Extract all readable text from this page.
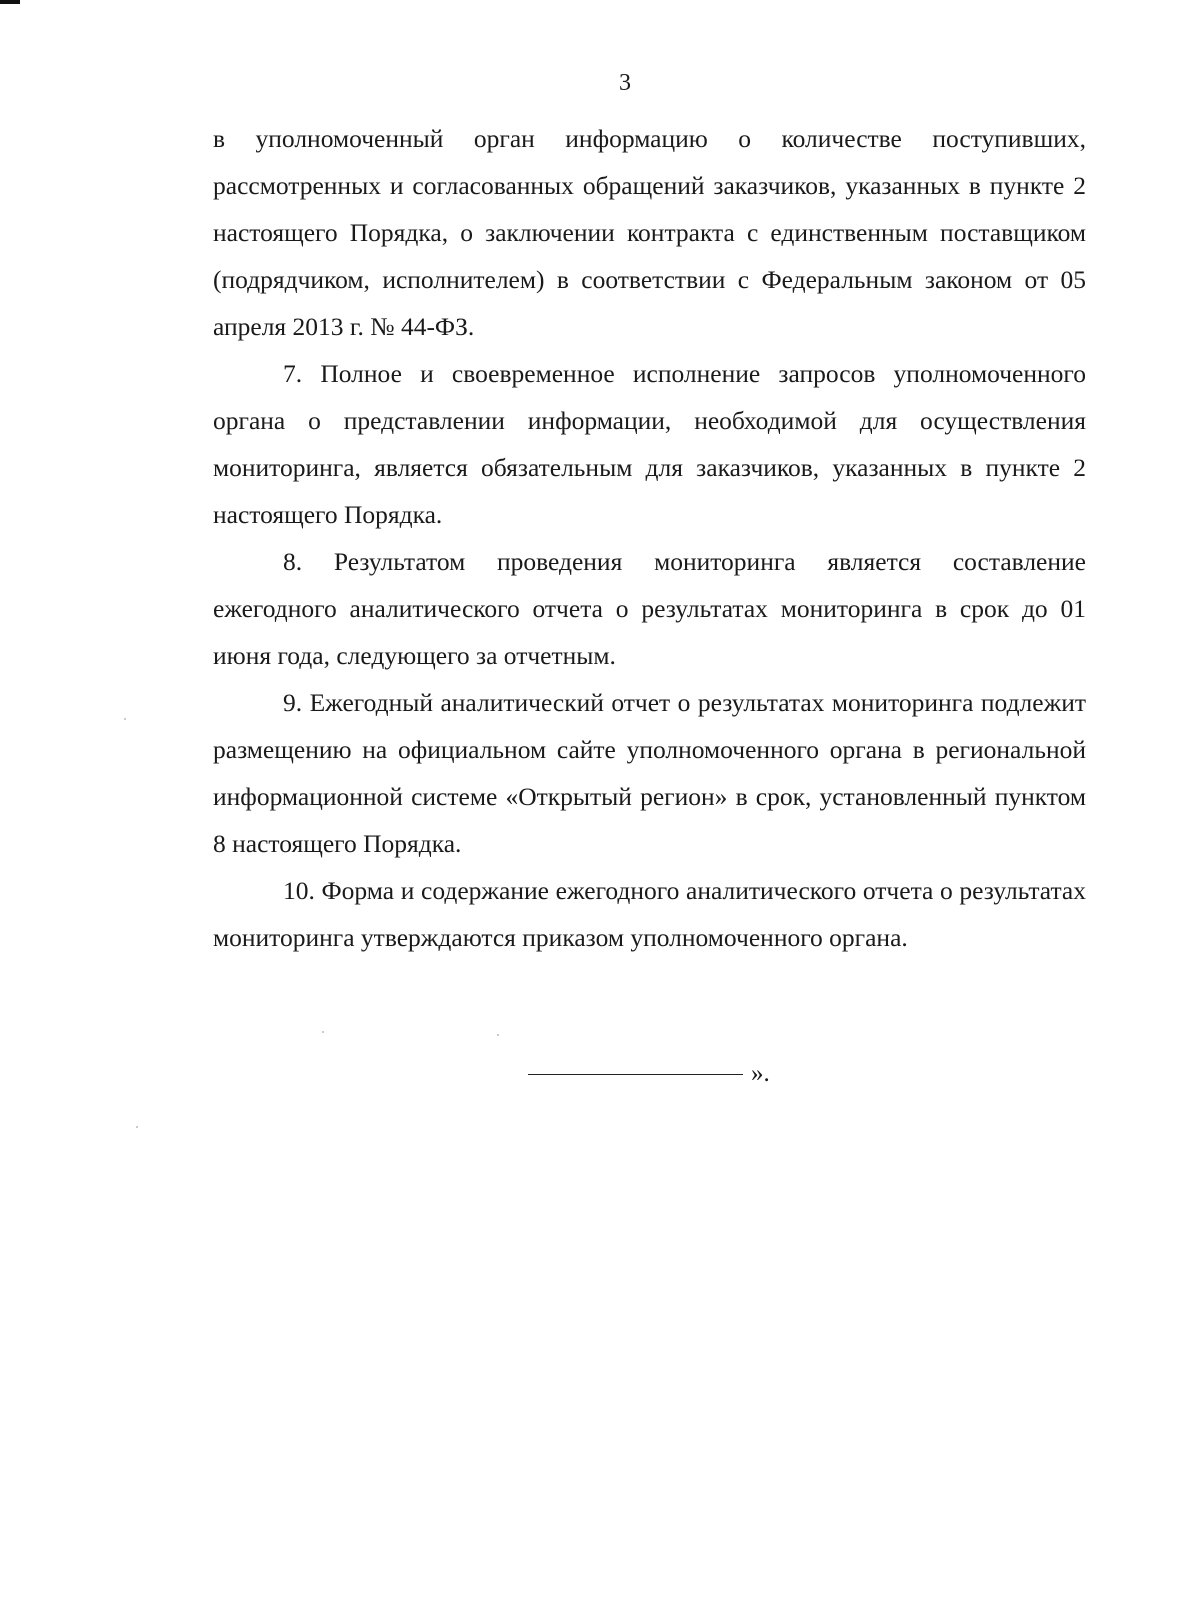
3

в уполномоченный орган информацию о количестве поступивших, рассмотренных и согласованных обращений заказчиков, указанных в пункте 2 настоящего Порядка, о заключении контракта с единственным поставщиком (подрядчиком, исполнителем) в соответствии с Федеральным законом от 05 апреля 2013 г. № 44-ФЗ.

7. Полное и своевременное исполнение запросов уполномоченного органа о представлении информации, необходимой для осуществления мониторинга, является обязательным для заказчиков, указанных в пункте 2 настоящего Порядка.

8. Результатом проведения мониторинга является составление ежегодного аналитического отчета о результатах мониторинга в срок до 01 июня года, следующего за отчетным.

9. Ежегодный аналитический отчет о результатах мониторинга подлежит размещению на официальном сайте уполномоченного органа в региональной информационной системе «Открытый регион» в срок, установленный пунктом 8 настоящего Порядка.

10. Форма и содержание ежегодного аналитического отчета о результатах мониторинга утверждаются приказом уполномоченного органа.

».
